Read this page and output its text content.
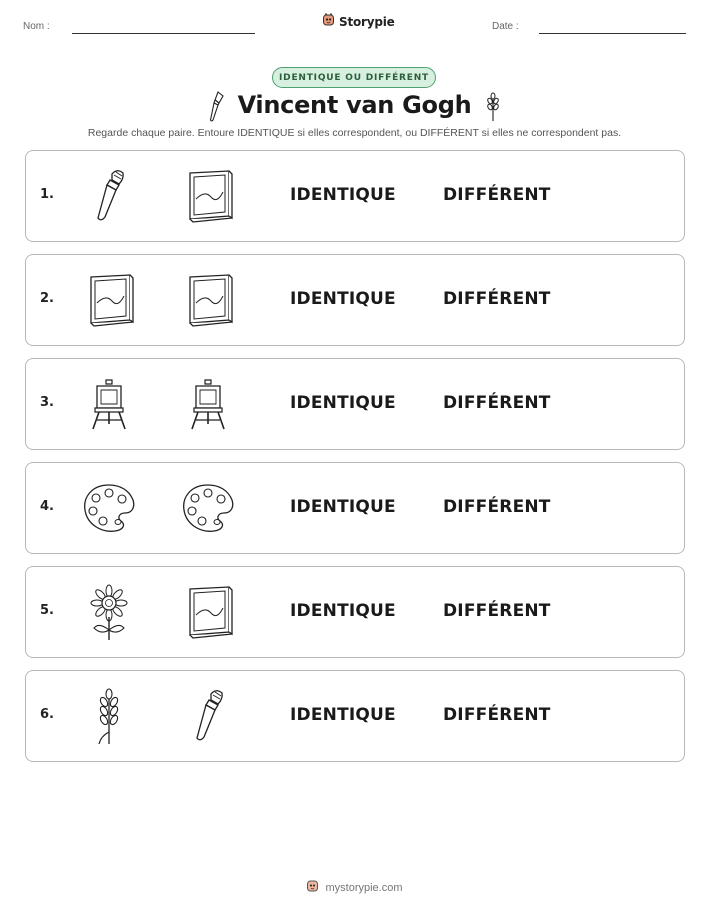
Nom :	Storypie	Date :
IDENTIQUE OU DIFFÉRENT
Vincent van Gogh
Regarde chaque paire. Entoure IDENTIQUE si elles correspondent, ou DIFFÉRENT si elles ne correspondent pas.
1.	IDENTIQUE	DIFFÉRENT
2.	IDENTIQUE	DIFFÉRENT
3.	IDENTIQUE	DIFFÉRENT
4.	IDENTIQUE	DIFFÉRENT
5.	IDENTIQUE	DIFFÉRENT
6.	IDENTIQUE	DIFFÉRENT
mystorypie.com
